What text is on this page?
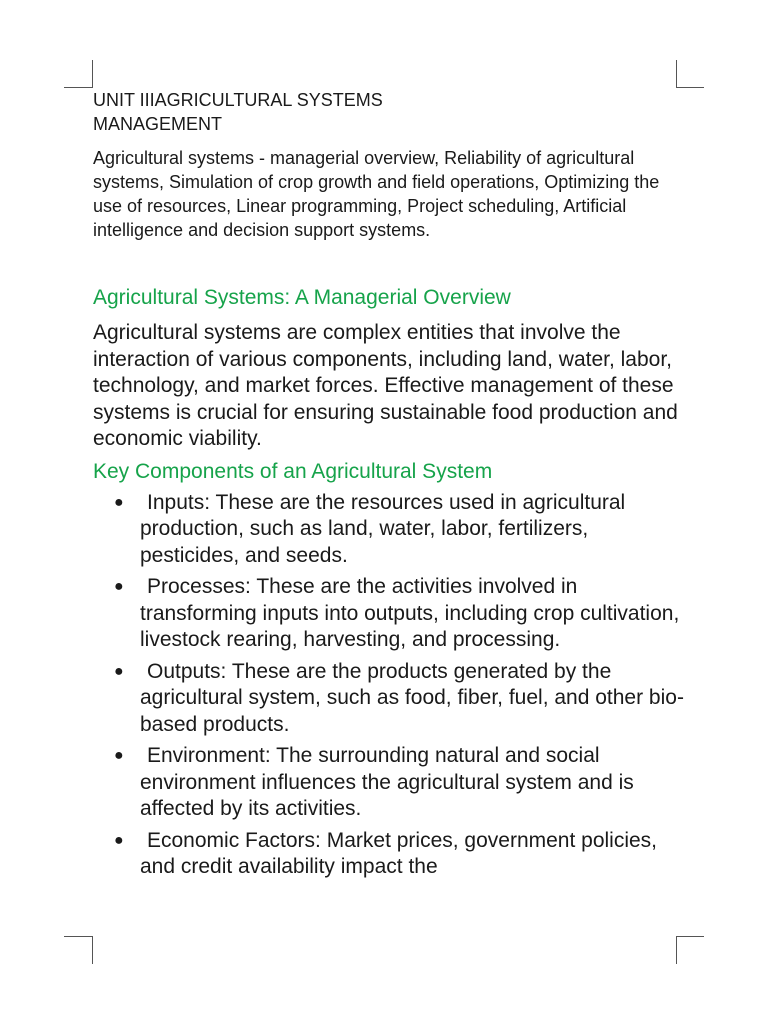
UNIT IIIAGRICULTURAL SYSTEMS MANAGEMENT

Agricultural systems - managerial overview, Reliability of agricultural systems, Simulation of crop growth and field operations, Optimizing the use of resources, Linear programming, Project scheduling, Artificial intelligence and decision support systems.

Agricultural Systems: A Managerial Overview

Agricultural systems are complex entities that involve the interaction of various components, including land, water, labor, technology, and market forces. Effective management of these systems is crucial for ensuring sustainable food production and economic viability.

Key Components of an Agricultural System
● Inputs: These are the resources used in agricultural production, such as land, water, labor, fertilizers, pesticides, and seeds.
● Processes: These are the activities involved in transforming inputs into outputs, including crop cultivation, livestock rearing, harvesting, and processing.
● Outputs: These are the products generated by the agricultural system, such as food, fiber, fuel, and other bio-based products.
● Environment: The surrounding natural and social environment influences the agricultural system and is affected by its activities.
● Economic Factors: Market prices, government policies, and credit availability impact the
